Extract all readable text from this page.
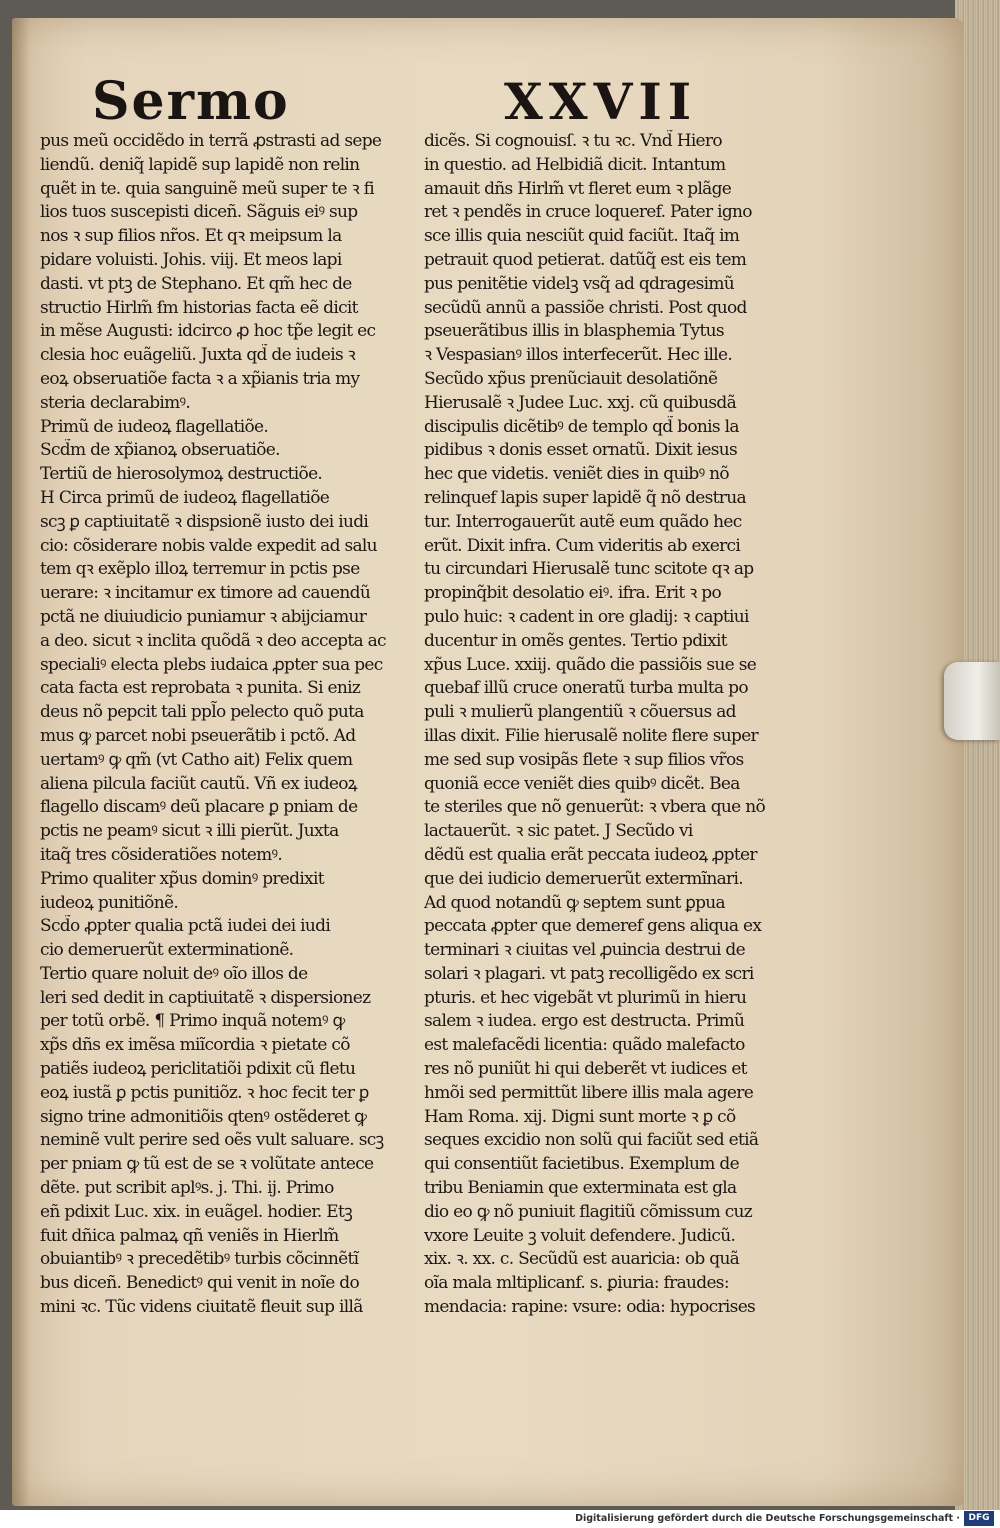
Sermo	XXVII
pus meũ occidẽdo in terrã ꝓstrasti ad sepe
liendũ. deniq̃ lapidẽ sup lapidẽ non relin
quẽt in te. quia sanguinẽ meũ super te ꝛ fi
lios tuos suscepisti diceñ. Sãguis eiꝰ sup
nos ꝛ sup filios nr̃os. Et qꝛ meipsum la
pidare voluisti. Johis. viij. Et meos lapi
dasti. vt ptꝫ de Stephano. Et qm̃ hec de
structio Hirlm̃ ẜm historias facta eẽ dicit
in mẽse Augusti: idcirco ꝓ hoc tp̃e legit ec
clesia hoc euãgeliũ. Juxta qd̃ de iudeis ꝛ
eoꝝ obseruatiõe facta ꝛ a xp̃ianis tria my
steria declarabimꝰ.
Primũ de iudeoꝝ flagellatiõe.
Scd̃m de xp̃ianoꝝ obseruatiõe.
Tertiũ de hierosolymoꝝ destructiõe.
H Circa primũ de iudeoꝝ flagellatiõe
scꝫ ꝑ captiuitatẽ ꝛ dispsionẽ iusto dei iudi
cio: cõsiderare nobis valde expedit ad salu
tem qꝛ exẽplo illoꝝ terremur in pctis pse
uerare: ꝛ incitamur ex timore ad cauendũ
pctã ne diuiudicio puniamur ꝛ abijciamur
a deo. sicut ꝛ inclita quõdã ꝛ deo accepta ac
specialiꝰ electa plebs iudaica ꝓpter sua pec
cata facta est reprobata ꝛ punita. Si eniz
deus nõ pepcit tali ppl̃o pelecto quõ puta
mus ꝙ parcet nobi pseuerãtib i pctõ. Ad
uertamꝰ ꝙ qm̃ (vt Catho ait) Felix quem
aliena pilcula faciũt cautũ. Vñ ex iudeoꝝ
flagello discamꝰ deũ placare ꝑ pniam de
pctis ne peamꝰ sicut ꝛ illi pierũt. Juxta
itaq̃ tres cõsideratiões notemꝰ.
Primo qualiter xp̃us dominꝰ predixit
iudeoꝝ punitiõnẽ.
Scd̃o ꝓpter qualia pctã iudei dei iudi
cio demeruerũt exterminationẽ.
Tertio quare noluit deꝰ oĩo illos de
leri sed dedit in captiuitatẽ ꝛ dispersionez
per totũ orbẽ. ¶ Primo inquã notemꝰ ꝙ
xp̃s dñs ex imẽsa miĩcordia ꝛ pietate cõ
patiẽs iudeoꝝ periclitatiõi pdixit cũ fletu
eoꝝ iustã ꝑ pctis punitiõz. ꝛ hoc fecit ter ꝑ
signo trine admonitiõis qtenꝰ ostẽderet ꝙ
neminẽ vult perire sed oẽs vult saluare. scꝫ
per pniam ꝙ tũ est de se ꝛ volũtate antece
dẽte. put scribit aplꝰs. j. Thi. ij. Primo
eñ pdixit Luc. xix. in euãgel. hodier. Etꝫ
fuit dñica palmaꝝ qñ veniẽs in Hierlm̃
obuiantibꝰ ꝛ precedẽtibꝰ turbis cõcinnẽtĩ
bus diceñ. Benedictꝰ qui venit in noĩe do
mini ꝛc. Tũc videns ciuitatẽ fleuit sup illã
dicẽs. Si cognouisſ. ꝛ tu ꝛc. Vnd̃ Hiero
in questio. ad Helbidiã dicit. Intantum
amauit dñs Hirlm̃ vt fleret eum ꝛ plãge
ret ꝛ pendẽs in cruce loqueref. Pater igno
sce illis quia nesciũt quid faciũt. Itaq̃ im
petrauit quod petierat. datũq̃ est eis tem
pus penitẽtie videlꝫ vsq̃ ad qdragesimũ
secũdũ annũ a passiõe christi. Post quod
pseuerãtibus illis in blasphemia Tytus
ꝛ Vespasianꝰ illos interfecerũt. Hec ille.
Secũdo xp̃us prenũciauit desolatiõnẽ
Hierusalẽ ꝛ Judee Luc. xxj. cũ quibusdã
discipulis dicẽtibꝰ de templo qd̃ bonis la
pidibus ꝛ donis esset ornatũ. Dixit iesus
hec que videtis. veniẽt dies in quibꝰ nõ
relinquef lapis super lapidẽ q̃ nõ destrua
tur. Interrogauerũt autẽ eum quãdo hec
erũt. Dixit infra. Cum videritis ab exerci
tu circundari Hierusalẽ tunc scitote qꝛ ap
propinq̃bit desolatio eiꝰ. ifra. Erit ꝛ po
pulo huic: ꝛ cadent in ore gladij: ꝛ captiui
ducentur in omẽs gentes. Tertio pdixit
xp̃us Luce. xxiij. quãdo die passiõis sue se
quebaf illũ cruce oneratũ turba multa po
puli ꝛ mulierũ plangentiũ ꝛ cõuersus ad
illas dixit. Filie hierusalẽ nolite flere super
me sed sup vosipãs flete ꝛ sup filios vr̃os
quoniã ecce veniẽt dies quibꝰ dicẽt. Bea
te steriles que nõ genuerũt: ꝛ vbera que nõ
lactauerũt. ꝛ sic patet. J Secũdo vi
dẽdũ est qualia erãt peccata iudeoꝝ ꝓpter
que dei iudicio demeruerũt extermĩnari.
Ad quod notandũ ꝙ septem sunt ꝑpua
peccata ꝓpter que demeref gens aliqua ex
terminari ꝛ ciuitas vel ꝓuincia destrui de
solari ꝛ plagari. vt patꝫ recolligẽdo ex scri
pturis. et hec vigebãt vt plurimũ in hieru
salem ꝛ iudea. ergo est destructa. Primũ
est malefacẽdi licentia: quãdo malefacto
res nõ puniũt hi qui deberẽt vt iudices et
hmõi sed permittũt libere illis mala agere
Ham Roma. xij. Digni sunt morte ꝛ ꝑ cõ
seques excidio non solũ qui faciũt sed etiã
qui consentiũt facietibus. Exemplum de
tribu Beniamin que exterminata est gla
dio eo ꝙ nõ puniuit flagitiũ cõmissum cuz
vxore Leuite ꝫ voluit defendere. Judicũ.
xix. ꝛ. xx. c. Secũdũ est auaricia: ob quã
oĩa mala mltiplicanf. s. ꝑiuria: fraudes:
mendacia: rapine: vsure: odia: hypocrises
Digitalisierung gefördert durch die Deutsche Forschungsgemeinschaft · DFG
